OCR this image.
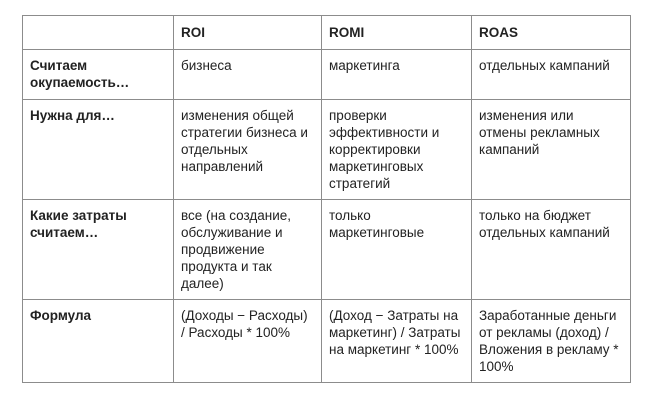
	ROI	ROMI	ROAS
Считаем окупаемость…	бизнеса	маркетинга	отдельных кампаний
Нужна для…	изменения общей стратегии бизнеса и отдельных направлений	проверки эффективности и корректировки маркетинговых стратегий	изменения или отмены рекламных кампаний
Какие затраты считаем…	все (на создание, обслуживание и продвижение продукта и так далее)	только маркетинговые	только на бюджет отдельных кампаний
Формула	(Доходы − Расходы) / Расходы * 100%	(Доход − Затраты на маркетинг) / Затраты на маркетинг * 100%	Заработанные деньги от рекламы (доход) / Вложения в рекламу * 100%
